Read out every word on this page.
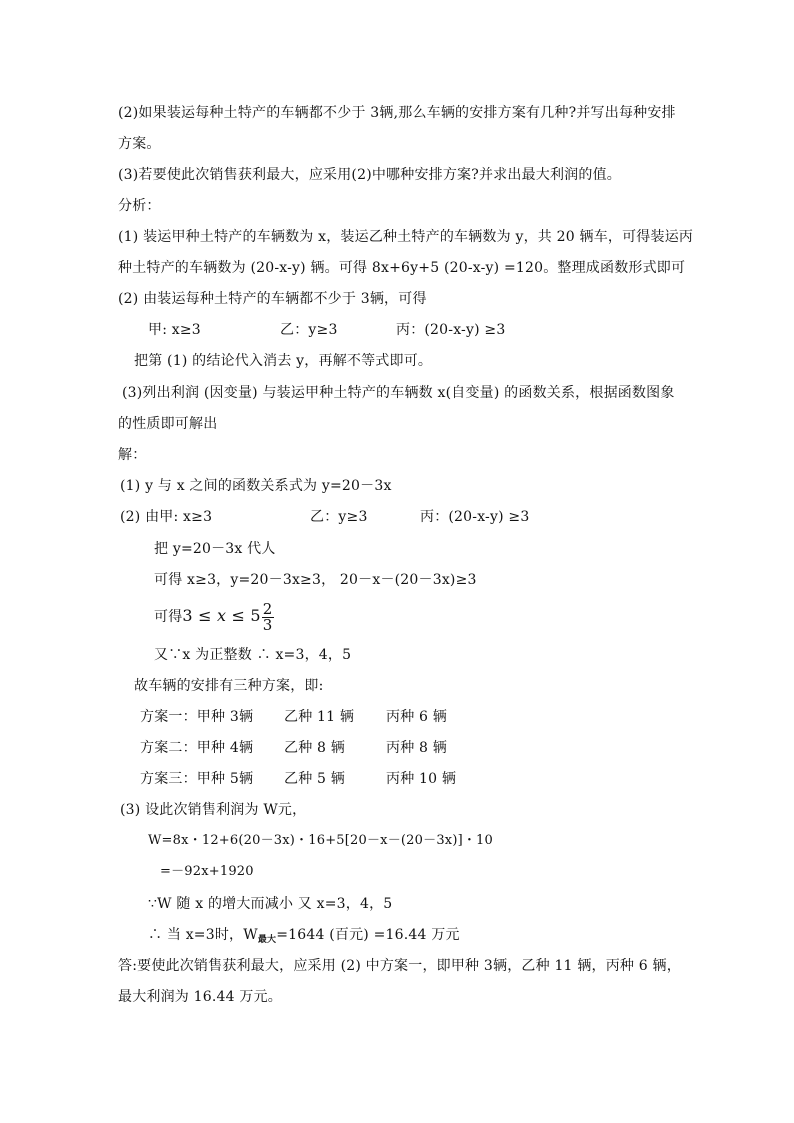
(2)如果装运每种土特产的车辆都不少于 3辆,那么车辆的安排方案有几种?并写出每种安排
方案。
(3)若要使此次销售获利最大，应采用(2)中哪种安排方案?并求出最大利润的值。
分析：
(1) 装运甲种土特产的车辆数为 x，装运乙种土特产的车辆数为 y，共 20 辆车，可得装运丙
种土特产的车辆数为 (20-x-y) 辆。可得 8x+6y+5 (20-x-y) =120。整理成函数形式即可
(2) 由装运每种土特产的车辆都不少于 3辆，可得
甲: x≥3	乙：y≥3	丙：(20-x-y) ≥3
把第 (1) 的结论代入消去 y，再解不等式即可。
(3)列出利润 (因变量) 与装运甲种土特产的车辆数 x(自变量) 的函数关系，根据函数图象
的性质即可解出
解：
(1) y 与 x 之间的函数关系式为 y=20－3x
(2) 由甲: x≥3	乙：y≥3	丙：(20-x-y) ≥3
把 y=20－3x 代人
可得 x≥3，y=20－3x≥3， 20－x－(20－3x)≥3
可得$3 \le x \le 5 \frac{2}{3}$
又∵x 为正整数 ∴ x=3，4，5
故车辆的安排有三种方案，即:
方案一：甲种 3辆 乙种 11 辆 丙种 6 辆
方案二：甲种 4辆 乙种 8 辆	丙种 8 辆
方案三：甲种 5辆 乙种 5 辆	丙种 10 辆
(3) 设此次销售利润为 W元，
W=8x・12+6(20－3x)・16+5[20－x－(20－3x)]・10
=－92x+1920
∵W 随 x 的增大而减小 又 x=3，4，5
∴ 当 x=3时，$W_{最大}=1644$ (百元) =16.44 万元
答:要使此次销售获利最大，应采用 (2) 中方案一，即甲种 3辆，乙种 11 辆，丙种 6 辆，
最大利润为 16.44 万元。
